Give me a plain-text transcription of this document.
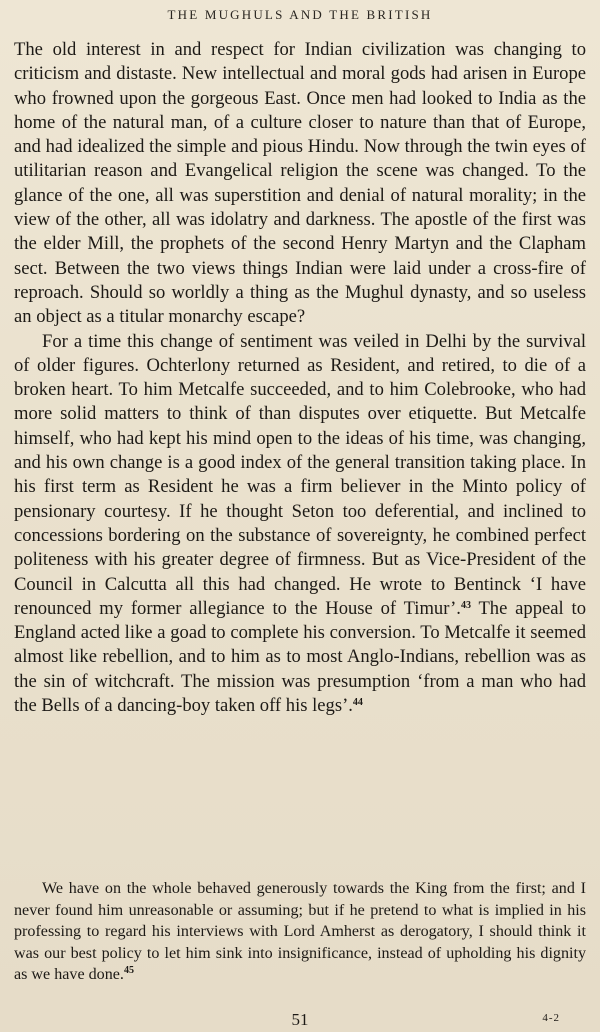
THE MUGHULS AND THE BRITISH

The old interest in and respect for Indian civilization was changing to criticism and distaste. New intellectual and moral gods had arisen in Europe who frowned upon the gorgeous East. Once men had looked to India as the home of the natural man, of a culture closer to nature than that of Europe, and had idealized the simple and pious Hindu. Now through the twin eyes of utilitarian reason and Evangelical religion the scene was changed. To the glance of the one, all was superstition and denial of natural morality; in the view of the other, all was idolatry and darkness. The apostle of the first was the elder Mill, the prophets of the second Henry Martyn and the Clapham sect. Between the two views things Indian were laid under a cross-fire of reproach. Should so worldly a thing as the Mughul dynasty, and so useless an object as a titular monarchy escape?

For a time this change of sentiment was veiled in Delhi by the survival of older figures. Ochterlony returned as Resident, and retired, to die of a broken heart. To him Metcalfe succeeded, and to him Colebrooke, who had more solid matters to think of than disputes over etiquette. But Metcalfe himself, who had kept his mind open to the ideas of his time, was changing, and his own change is a good index of the general transition taking place. In his first term as Resident he was a firm believer in the Minto policy of pensionary courtesy. If he thought Seton too deferential, and inclined to concessions bordering on the substance of sovereignty, he combined perfect politeness with his greater degree of firmness. But as Vice-President of the Council in Calcutta all this had changed. He wrote to Bentinck ‘I have renounced my former allegiance to the House of Timur’.$^{43}$ The appeal to England acted like a goad to complete his conversion. To Metcalfe it seemed almost like rebellion, and to him as to most Anglo-Indians, rebellion was as the sin of witchcraft. The mission was presumption ‘from a man who had the Bells of a dancing-boy taken off his legs’.$^{44}$

We have on the whole behaved generously towards the King from the first; and I never found him unreasonable or assuming; but if he pretend to what is implied in his professing to regard his interviews with Lord Amherst as derogatory, I should think it was our best policy to let him sink into insignificance, instead of upholding his dignity as we have done.$^{45}$

51	4-2
